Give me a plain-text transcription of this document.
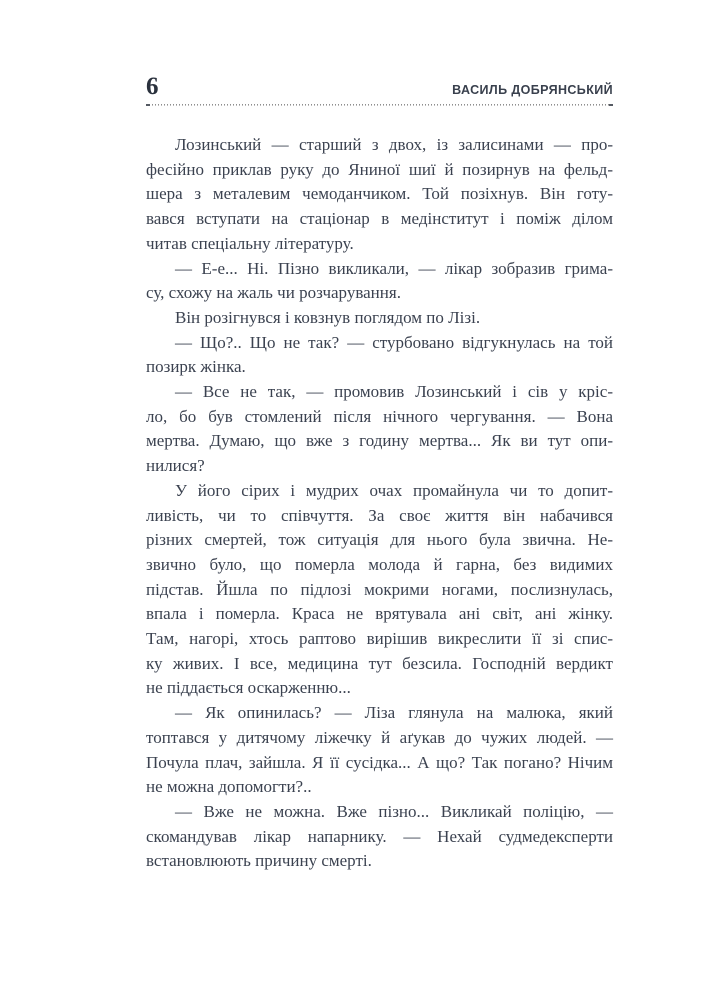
6	ВАСИЛЬ ДОБРЯНСЬКИЙ
Лозинський — старший з двох, із залисинами — про-
фесійно приклав руку до Яниної шиї й позирнув на фельд-
шера з металевим чемоданчиком. Той позіхнув. Він готу-
вався вступати на стаціонар в медінститут і поміж ділом
читав спеціальну літературу.
— Е-е... Ні. Пізно викликали, — лікар зобразив грима-
су, схожу на жаль чи розчарування.
Він розігнувся і ковзнув поглядом по Лізі.
— Що?.. Що не так? — стурбовано відгукнулась на той
позирк жінка.
— Все не так, — промовив Лозинський і сів у кріс-
ло, бо був стомлений після нічного чергування. — Вона
мертва. Думаю, що вже з годину мертва... Як ви тут опи-
нилися?
У його сірих і мудрих очах промайнула чи то допит-
ливість, чи то співчуття. За своє життя він набачився
різних смертей, тож ситуація для нього була звична. Не-
звично було, що померла молода й гарна, без видимих
підстав. Йшла по підлозі мокрими ногами, послизнулась,
впала і померла. Краса не врятувала ані світ, ані жінку.
Там, нагорі, хтось раптово вирішив викреслити її зі спис-
ку живих. І все, медицина тут безсила. Господній вердикт
не піддається оскарженню...
— Як опинилась? — Ліза глянула на малюка, який
топтався у дитячому ліжечку й аґукав до чужих людей. —
Почула плач, зайшла. Я її сусідка... А що? Так погано? Нічим
не можна допомогти?..
— Вже не можна. Вже пізно... Викликай поліцію, —
скомандував лікар напарнику. — Нехай судмедексперти
встановлюють причину смерті.
